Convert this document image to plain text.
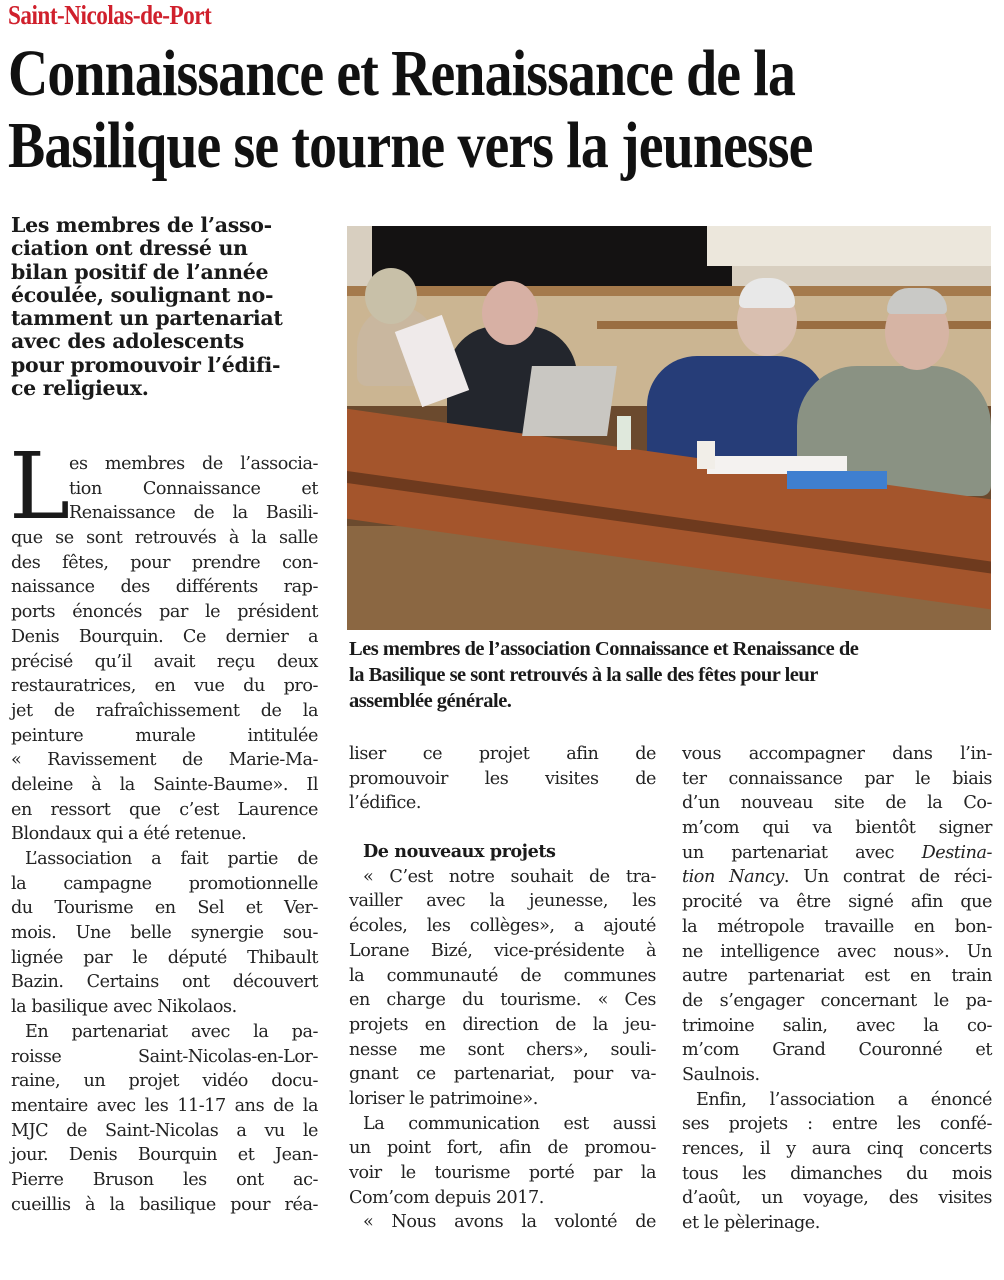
Saint-Nicolas-de-Port
Connaissance et Renaissance de la
Basilique se tourne vers la jeunesse
Les membres de l’asso-
ciation ont dressé un
bilan positif de l’année
écoulée, soulignant no-
tamment un partenariat
avec des adolescents
pour promouvoir l’édifi-
ce religieux.
Les membres de l’association Connaissance et Renaissance de
la Basilique se sont retrouvés à la salle des fêtes pour leur
assemblée générale.
L es membres de l’associa-
tion Connaissance et
Renaissance de la Basili-
que se sont retrouvés à la salle
des fêtes, pour prendre con-
naissance des différents rap-
ports énoncés par le président
Denis Bourquin. Ce dernier a
précisé qu’il avait reçu deux
restauratrices, en vue du pro-
jet de rafraîchissement de la
peinture murale intitulée
« Ravissement de Marie-Ma-
deleine à la Sainte-Baume». Il
en ressort que c’est Laurence
Blondaux qui a été retenue.
L’association a fait partie de
la campagne promotionnelle
du Tourisme en Sel et Ver-
mois. Une belle synergie sou-
lignée par le député Thibault
Bazin. Certains ont découvert
la basilique avec Nikolaos.
En partenariat avec la pa-
roisse Saint-Nicolas-en-Lor-
raine, un projet vidéo docu-
mentaire avec les 11-17 ans de la
MJC de Saint-Nicolas a vu le
jour. Denis Bourquin et Jean-
Pierre Bruson les ont ac-
cueillis à la basilique pour réa-
liser ce projet afin de
promouvoir les visites de
l’édifice.
De nouveaux projets
« C’est notre souhait de tra-
vailler avec la jeunesse, les
écoles, les collèges», a ajouté
Lorane Bizé, vice-présidente à
la communauté de communes
en charge du tourisme. « Ces
projets en direction de la jeu-
nesse me sont chers», souli-
gnant ce partenariat, pour va-
loriser le patrimoine».
La communication est aussi
un point fort, afin de promou-
voir le tourisme porté par la
Com’com depuis 2017.
« Nous avons la volonté de
vous accompagner dans l’in-
ter connaissance par le biais
d’un nouveau site de la Co-
m’com qui va bientôt signer
un partenariat avec Destina-
tion Nancy. Un contrat de réci-
procité va être signé afin que
la métropole travaille en bon-
ne intelligence avec nous». Un
autre partenariat est en train
de s’engager concernant le pa-
trimoine salin, avec la co-
m’com Grand Couronné et
Saulnois.
Enfin, l’association a énoncé
ses projets : entre les confé-
rences, il y aura cinq concerts
tous les dimanches du mois
d’août, un voyage, des visites
et le pèlerinage.
